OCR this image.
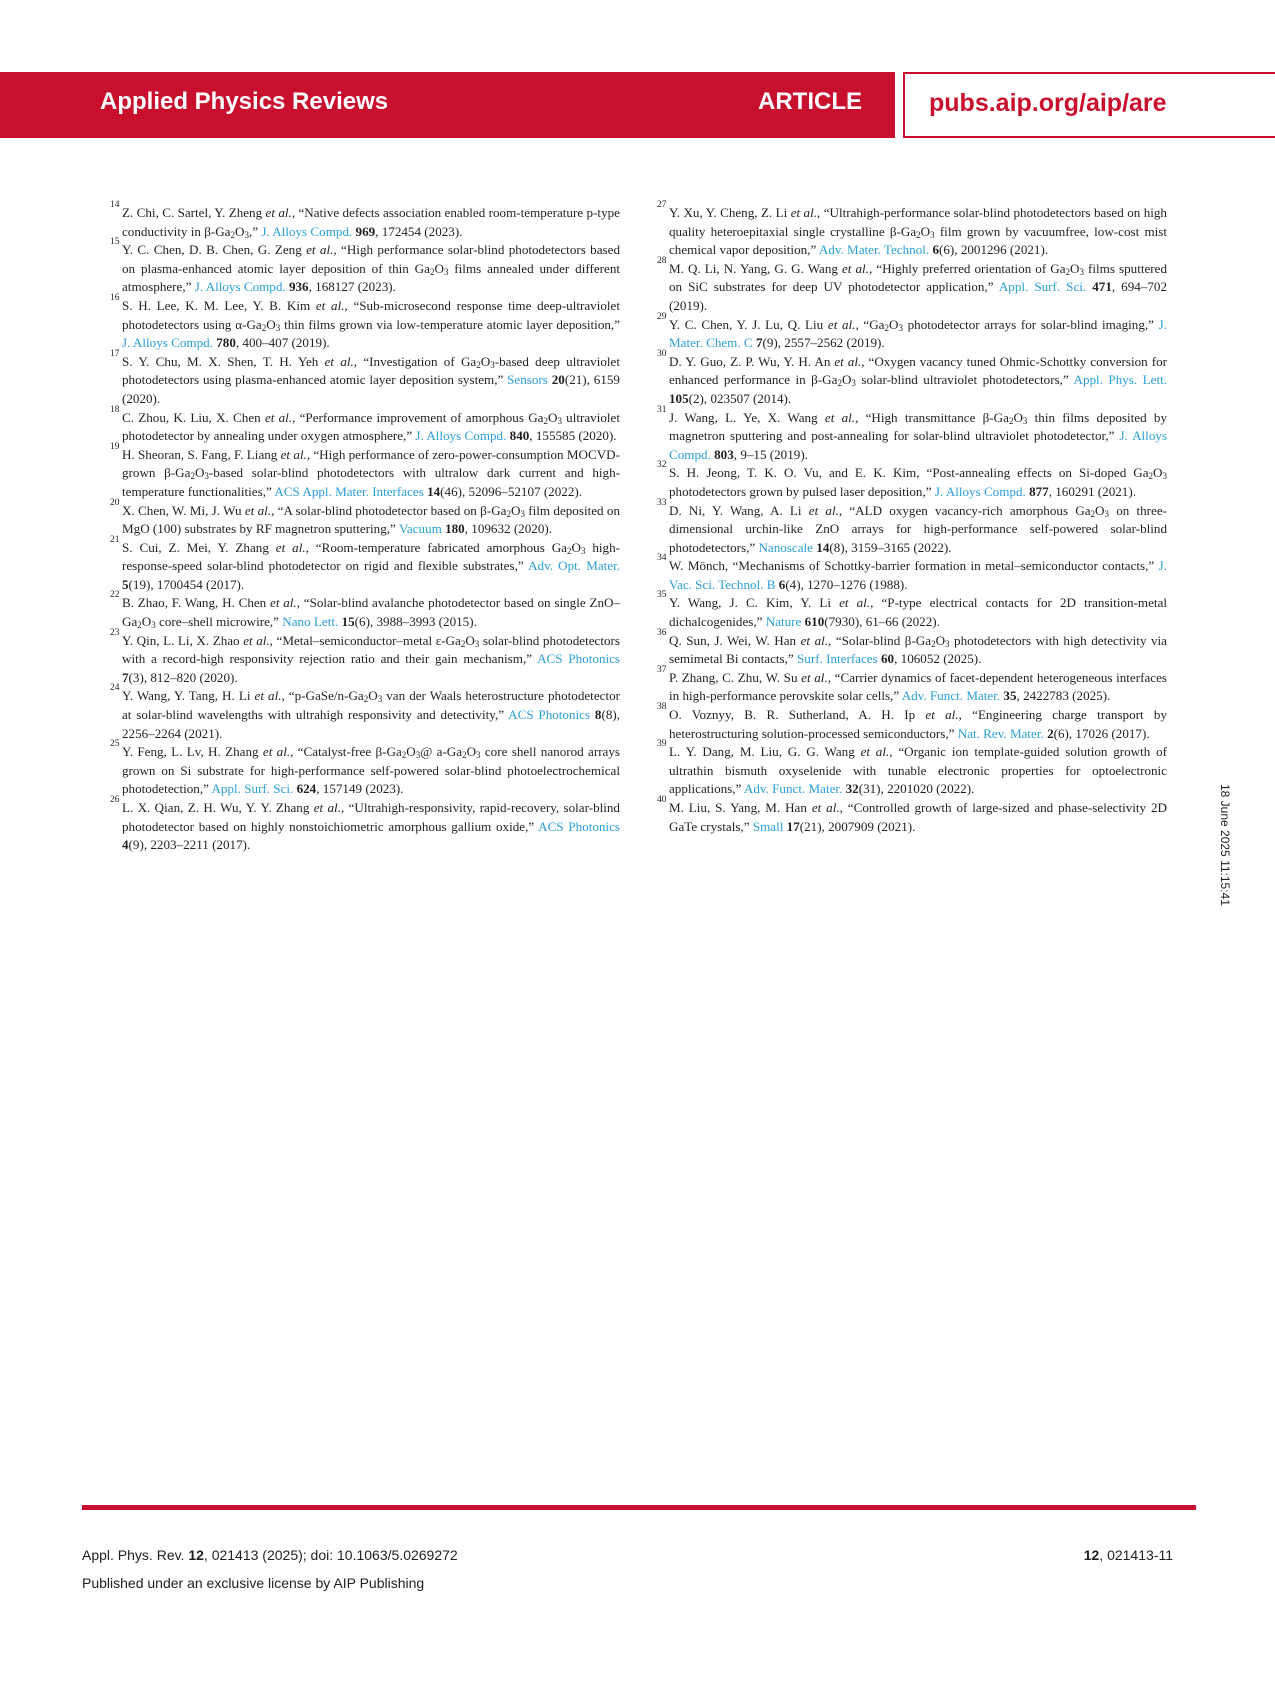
Applied Physics Reviews	ARTICLE	pubs.aip.org/aip/are

14 Z. Chi, C. Sartel, Y. Zheng et al., “Native defects association enabled room-temperature p-type conductivity in $\beta-Ga_2O_3$,” J. Alloys Compd. 969, 172454 (2023).

15 Y. C. Chen, D. B. Chen, G. Zeng et al., “High performance solar-blind photodetectors based on plasma-enhanced atomic layer deposition of thin $Ga_2O_3$ films annealed under different atmosphere,” J. Alloys Compd. 936, 168127 (2023).

16 S. H. Lee, K. M. Lee, Y. B. Kim et al., “Sub-microsecond response time deep-ultraviolet photodetectors using $\alpha-Ga_2O_3$ thin films grown via low-temperature atomic layer deposition,” J. Alloys Compd. 780, 400–407 (2019).

17 S. Y. Chu, M. X. Shen, T. H. Yeh et al., “Investigation of $Ga_2O_3$-based deep ultraviolet photodetectors using plasma-enhanced atomic layer deposition system,” Sensors 20(21), 6159 (2020).

18 C. Zhou, K. Liu, X. Chen et al., “Performance improvement of amorphous $Ga_2O_3$ ultraviolet photodetector by annealing under oxygen atmosphere,” J. Alloys Compd. 840, 155585 (2020).

19 H. Sheoran, S. Fang, F. Liang et al., “High performance of zero-power-consumption MOCVD-grown $\beta-Ga_2O_3$-based solar-blind photodetectors with ultralow dark current and high-temperature functionalities,” ACS Appl. Mater. Interfaces 14(46), 52096–52107 (2022).

20 X. Chen, W. Mi, J. Wu et al., “A solar-blind photodetector based on $\beta-Ga_2O_3$ film deposited on MgO (100) substrates by RF magnetron sputtering,” Vacuum 180, 109632 (2020).

21 S. Cui, Z. Mei, Y. Zhang et al., “Room-temperature fabricated amorphous $Ga_2O_3$ high-response-speed solar-blind photodetector on rigid and flexible substrates,” Adv. Opt. Mater. 5(19), 1700454 (2017).

22 B. Zhao, F. Wang, H. Chen et al., “Solar-blind avalanche photodetector based on single ZnO–$Ga_2O_3$ core–shell microwire,” Nano Lett. 15(6), 3988–3993 (2015).

23 Y. Qin, L. Li, X. Zhao et al., “Metal–semiconductor–metal $\varepsilon-Ga_2O_3$ solar-blind photodetectors with a record-high responsivity rejection ratio and their gain mechanism,” ACS Photonics 7(3), 812–820 (2020).

24 Y. Wang, Y. Tang, H. Li et al., “$p-GaSe/n-Ga_2O_3$ van der Waals heterostructure photodetector at solar-blind wavelengths with ultrahigh responsivity and detectivity,” ACS Photonics 8(8), 2256–2264 (2021).

25 Y. Feng, L. Lv, H. Zhang et al., “Catalyst-free $\beta-Ga_2O_3@$ $a-Ga_2O_3$ core shell nanorod arrays grown on Si substrate for high-performance self-powered solar-blind photoelectrochemical photodetection,” Appl. Surf. Sci. 624, 157149 (2023).

26 L. X. Qian, Z. H. Wu, Y. Y. Zhang et al., “Ultrahigh-responsivity, rapid-recovery, solar-blind photodetector based on highly nonstoichiometric amorphous gallium oxide,” ACS Photonics 4(9), 2203–2211 (2017).

27 Y. Xu, Y. Cheng, Z. Li et al., “Ultrahigh-performance solar-blind photodetectors based on high quality heteroepitaxial single crystalline $\beta-Ga_2O_3$ film grown by vacuumfree, low-cost mist chemical vapor deposition,” Adv. Mater. Technol. 6(6), 2001296 (2021).

28 M. Q. Li, N. Yang, G. G. Wang et al., “Highly preferred orientation of $Ga_2O_3$ films sputtered on SiC substrates for deep UV photodetector application,” Appl. Surf. Sci. 471, 694–702 (2019).

29 Y. C. Chen, Y. J. Lu, Q. Liu et al., “$Ga_2O_3$ photodetector arrays for solar-blind imaging,” J. Mater. Chem. C 7(9), 2557–2562 (2019).

30 D. Y. Guo, Z. P. Wu, Y. H. An et al., “Oxygen vacancy tuned Ohmic-Schottky conversion for enhanced performance in $\beta-Ga_2O_3$ solar-blind ultraviolet photodetectors,” Appl. Phys. Lett. 105(2), 023507 (2014).

31 J. Wang, L. Ye, X. Wang et al., “High transmittance $\beta-Ga_2O_3$ thin films deposited by magnetron sputtering and post-annealing for solar-blind ultraviolet photodetector,” J. Alloys Compd. 803, 9–15 (2019).

32 S. H. Jeong, T. K. O. Vu, and E. K. Kim, “Post-annealing effects on Si-doped $Ga_2O_3$ photodetectors grown by pulsed laser deposition,” J. Alloys Compd. 877, 160291 (2021).

33 D. Ni, Y. Wang, A. Li et al., “ALD oxygen vacancy-rich amorphous $Ga_2O_3$ on three-dimensional urchin-like ZnO arrays for high-performance self-powered solar-blind photodetectors,” Nanoscale 14(8), 3159–3165 (2022).

34 W. Mönch, “Mechanisms of Schottky-barrier formation in metal–semiconductor contacts,” J. Vac. Sci. Technol. B 6(4), 1270–1276 (1988).

35 Y. Wang, J. C. Kim, Y. Li et al., “P-type electrical contacts for 2D transition-metal dichalcogenides,” Nature 610(7930), 61–66 (2022).

36 Q. Sun, J. Wei, W. Han et al., “Solar-blind $\beta-Ga_2O_3$ photodetectors with high detectivity via semimetal Bi contacts,” Surf. Interfaces 60, 106052 (2025).

37 P. Zhang, C. Zhu, W. Su et al., “Carrier dynamics of facet-dependent heterogeneous interfaces in high-performance perovskite solar cells,” Adv. Funct. Mater. 35, 2422783 (2025).

38 O. Voznyy, B. R. Sutherland, A. H. Ip et al., “Engineering charge transport by heterostructuring solution-processed semiconductors,” Nat. Rev. Mater. 2(6), 17026 (2017).

39 L. Y. Dang, M. Liu, G. G. Wang et al., “Organic ion template-guided solution growth of ultrathin bismuth oxyselenide with tunable electronic properties for optoelectronic applications,” Adv. Funct. Mater. 32(31), 2201020 (2022).

40 M. Liu, S. Yang, M. Han et al., “Controlled growth of large-sized and phase-selectivity 2D GaTe crystals,” Small 17(21), 2007909 (2021).	18 June 2025 11:15:41
Appl. Phys. Rev. 12, 021413 (2025); doi: 10.1063/5.0269272	12, 021413-11
Published under an exclusive license by AIP Publishing
